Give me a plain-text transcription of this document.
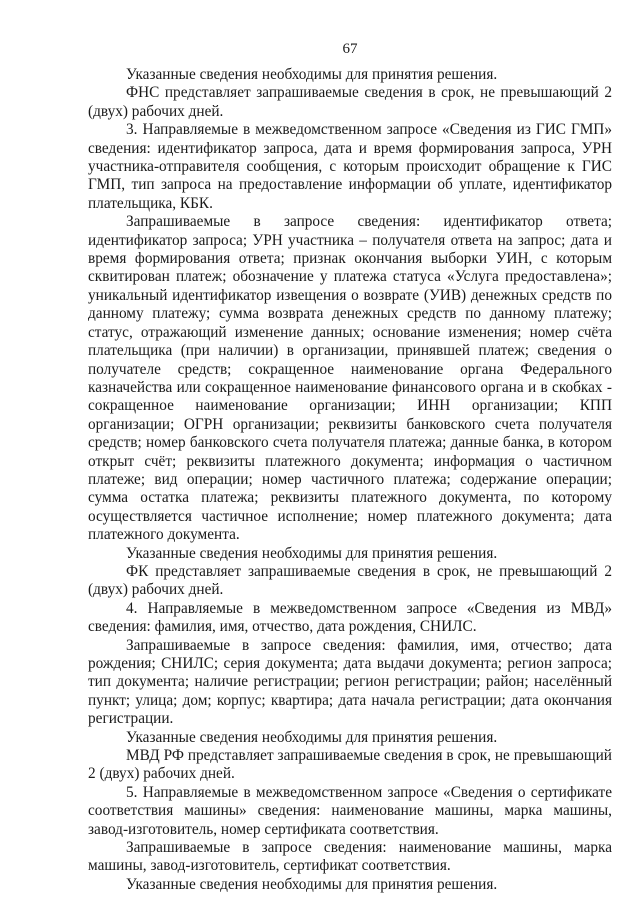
67

Указанные сведения необходимы для принятия решения.

ФНС представляет запрашиваемые сведения в срок, не превышающий 2 (двух) рабочих дней.

3. Направляемые в межведомственном запросе «Сведения из ГИС ГМП» сведения: идентификатор запроса, дата и время формирования запроса, УРН участника-отправителя сообщения, с которым происходит обращение к ГИС ГМП, тип запроса на предоставление информации об уплате, идентификатор плательщика, КБК.

Запрашиваемые в запросе сведения: идентификатор ответа; идентификатор запроса; УРН участника – получателя ответа на запрос; дата и время формирования ответа; признак окончания выборки УИН, с которым сквитирован платеж; обозначение у платежа статуса «Услуга предоставлена»; уникальный идентификатор извещения о возврате (УИВ) денежных средств по данному платежу; сумма возврата денежных средств по данному платежу; статус, отражающий изменение данных; основание изменения; номер счёта плательщика (при наличии) в организации, принявшей платеж; сведения о получателе средств; сокращенное наименование органа Федерального казначейства или сокращенное наименование финансового органа и в скобках - сокращенное наименование организации; ИНН организации; КПП организации; ОГРН организации; реквизиты банковского счета получателя средств; номер банковского счета получателя платежа; данные банка, в котором открыт счёт; реквизиты платежного документа; информация о частичном платеже; вид операции; номер частичного платежа; содержание операции; сумма остатка платежа; реквизиты платежного документа, по которому осуществляется частичное исполнение; номер платежного документа; дата платежного документа.

Указанные сведения необходимы для принятия решения.

ФК представляет запрашиваемые сведения в срок, не превышающий 2 (двух) рабочих дней.

4. Направляемые в межведомственном запросе «Сведения из МВД» сведения: фамилия, имя, отчество, дата рождения, СНИЛС.

Запрашиваемые в запросе сведения: фамилия, имя, отчество; дата рождения; СНИЛС; серия документа; дата выдачи документа; регион запроса; тип документа; наличие регистрации; регион регистрации; район; населённый пункт; улица; дом; корпус; квартира; дата начала регистрации; дата окончания регистрации.

Указанные сведения необходимы для принятия решения.

МВД РФ представляет запрашиваемые сведения в срок, не превышающий 2 (двух) рабочих дней.

5. Направляемые в межведомственном запросе «Сведения о сертификате соответствия машины» сведения: наименование машины, марка машины, завод-изготовитель, номер сертификата соответствия.

Запрашиваемые в запросе сведения: наименование машины, марка машины, завод-изготовитель, сертификат соответствия.

Указанные сведения необходимы для принятия решения.
